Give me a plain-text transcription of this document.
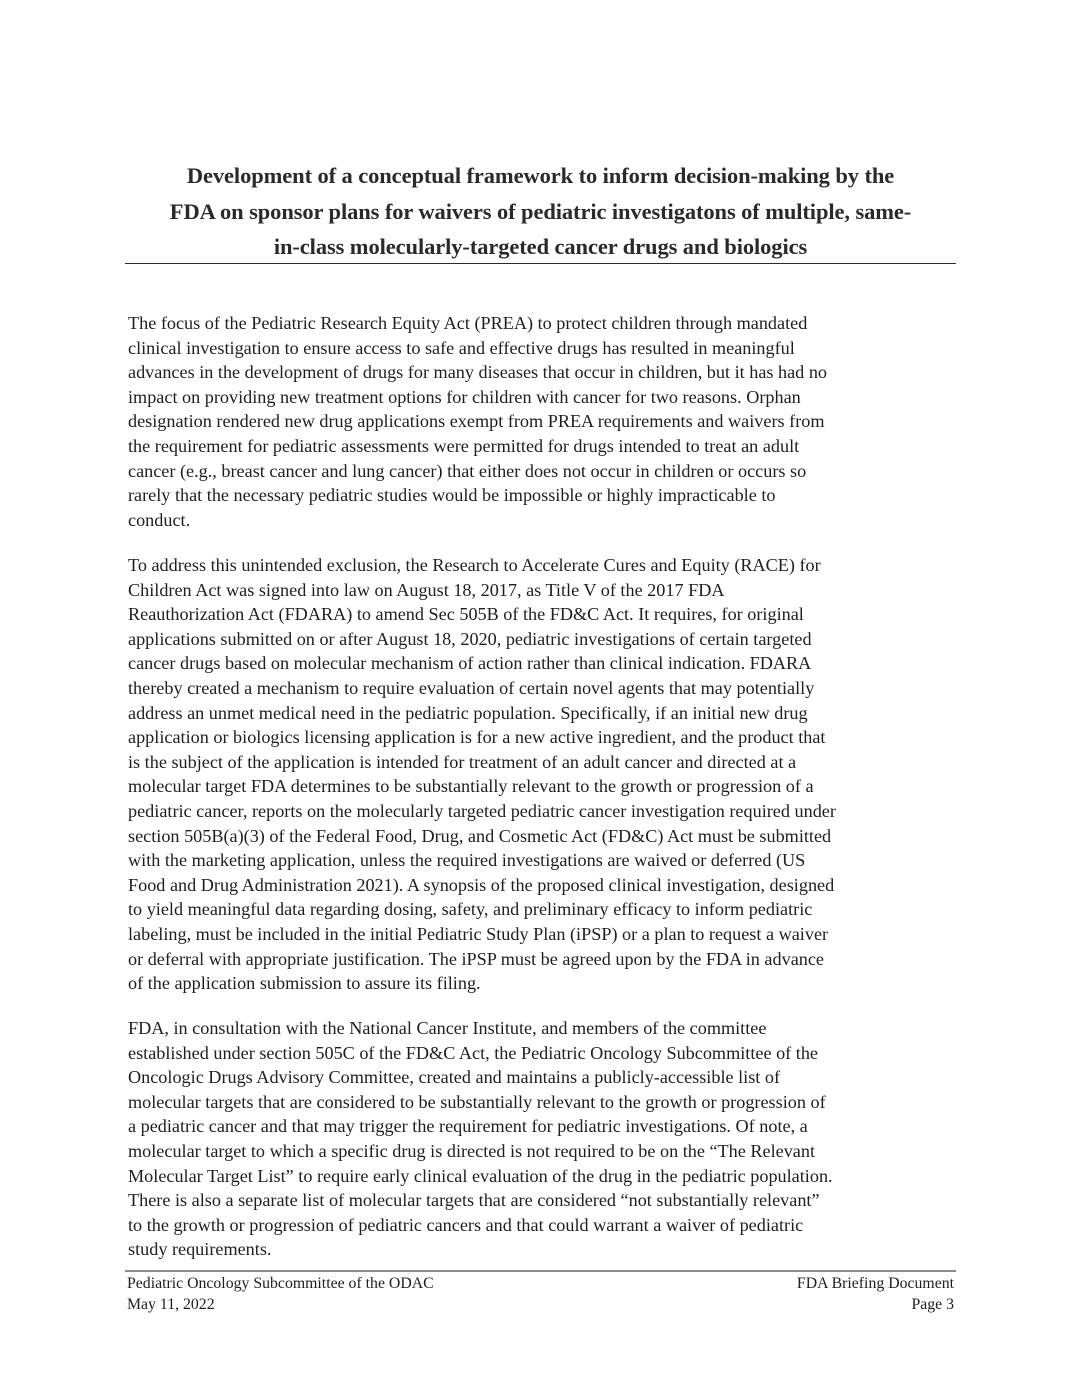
Development of a conceptual framework to inform decision-making by the
FDA on sponsor plans for waivers of pediatric investigatons of multiple, same-
in-class molecularly-targeted cancer drugs and biologics
The focus of the Pediatric Research Equity Act (PREA) to protect children through mandated
clinical investigation to ensure access to safe and effective drugs has resulted in meaningful
advances in the development of drugs for many diseases that occur in children, but it has had no
impact on providing new treatment options for children with cancer for two reasons. Orphan
designation rendered new drug applications exempt from PREA requirements and waivers from
the requirement for pediatric assessments were permitted for drugs intended to treat an adult
cancer (e.g., breast cancer and lung cancer) that either does not occur in children or occurs so
rarely that the necessary pediatric studies would be impossible or highly impracticable to
conduct.
To address this unintended exclusion, the Research to Accelerate Cures and Equity (RACE) for
Children Act was signed into law on August 18, 2017, as Title V of the 2017 FDA
Reauthorization Act (FDARA) to amend Sec 505B of the FD&C Act. It requires, for original
applications submitted on or after August 18, 2020, pediatric investigations of certain targeted
cancer drugs based on molecular mechanism of action rather than clinical indication. FDARA
thereby created a mechanism to require evaluation of certain novel agents that may potentially
address an unmet medical need in the pediatric population. Specifically, if an initial new drug
application or biologics licensing application is for a new active ingredient, and the product that
is the subject of the application is intended for treatment of an adult cancer and directed at a
molecular target FDA determines to be substantially relevant to the growth or progression of a
pediatric cancer, reports on the molecularly targeted pediatric cancer investigation required under
section 505B(a)(3) of the Federal Food, Drug, and Cosmetic Act (FD&C) Act must be submitted
with the marketing application, unless the required investigations are waived or deferred (US
Food and Drug Administration 2021). A synopsis of the proposed clinical investigation, designed
to yield meaningful data regarding dosing, safety, and preliminary efficacy to inform pediatric
labeling, must be included in the initial Pediatric Study Plan (iPSP) or a plan to request a waiver
or deferral with appropriate justification. The iPSP must be agreed upon by the FDA in advance
of the application submission to assure its filing.
FDA, in consultation with the National Cancer Institute, and members of the committee
established under section 505C of the FD&C Act, the Pediatric Oncology Subcommittee of the
Oncologic Drugs Advisory Committee, created and maintains a publicly-accessible list of
molecular targets that are considered to be substantially relevant to the growth or progression of
a pediatric cancer and that may trigger the requirement for pediatric investigations. Of note, a
molecular target to which a specific drug is directed is not required to be on the “The Relevant
Molecular Target List” to require early clinical evaluation of the drug in the pediatric population.
There is also a separate list of molecular targets that are considered “not substantially relevant”
to the growth or progression of pediatric cancers and that could warrant a waiver of pediatric
study requirements.
Pediatric Oncology Subcommittee of the ODAC	FDA Briefing Document
May 11, 2022	Page 3
